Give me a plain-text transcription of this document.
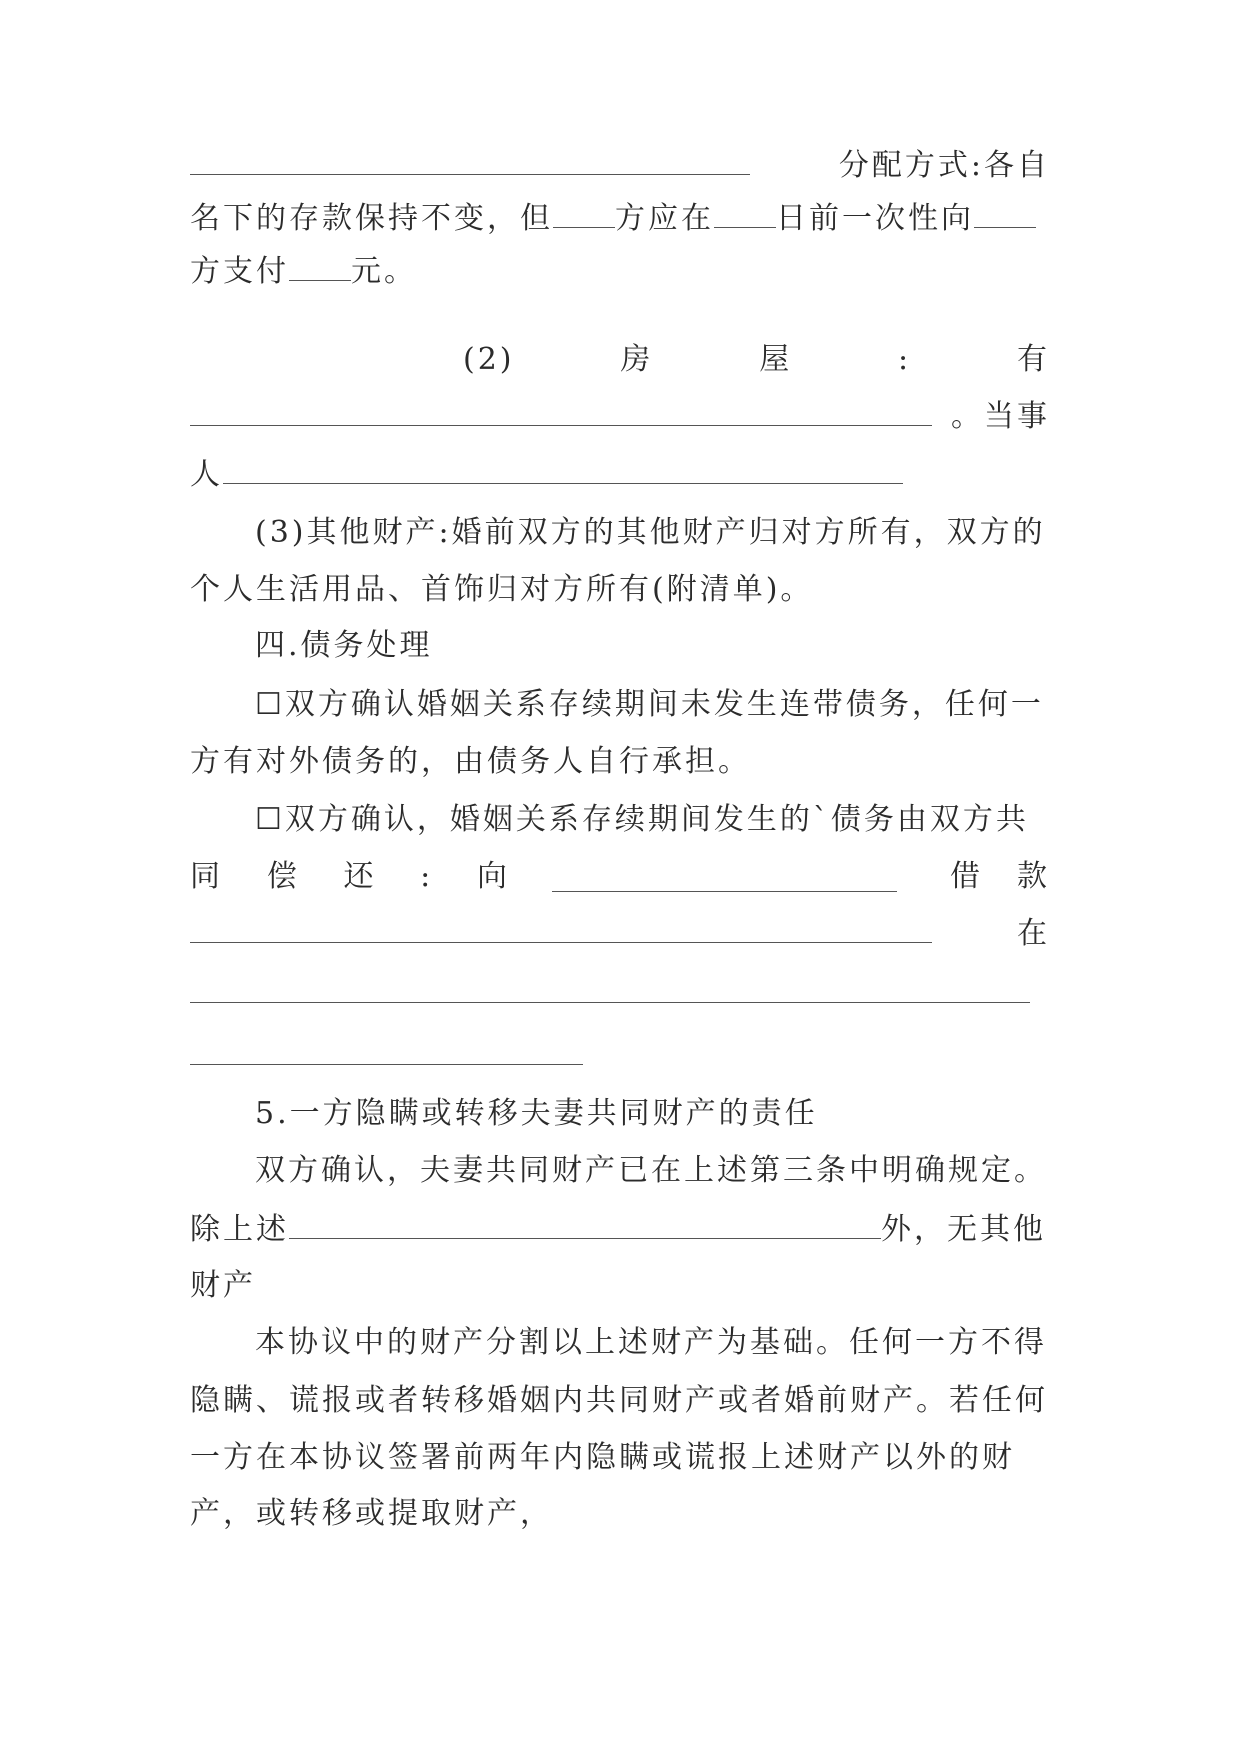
分配方式:各自
名下的存款保持不变，但 方应在 日前一次性向
方支付 元。
(2)	房	屋	:	有
。当事
人
(3)其他财产:婚前双方的其他财产归对方所有，双方的
个人生活用品、首饰归对方所有(附清单)。
四.债务处理
☐双方确认婚姻关系存续期间未发生连带债务，任何一
方有对外债务的，由债务人自行承担。
☐双方确认，婚姻关系存续期间发生的`债务由双方共
同 偿 还 : 向	借 款
在
5.一方隐瞒或转移夫妻共同财产的责任
双方确认，夫妻共同财产已在上述第三条中明确规定。
除上述	外，无其他
财产
本协议中的财产分割以上述财产为基础。任何一方不得
隐瞒、谎报或者转移婚姻内共同财产或者婚前财产。若任何
一方在本协议签署前两年内隐瞒或谎报上述财产以外的财
产，或转移或提取财产，
